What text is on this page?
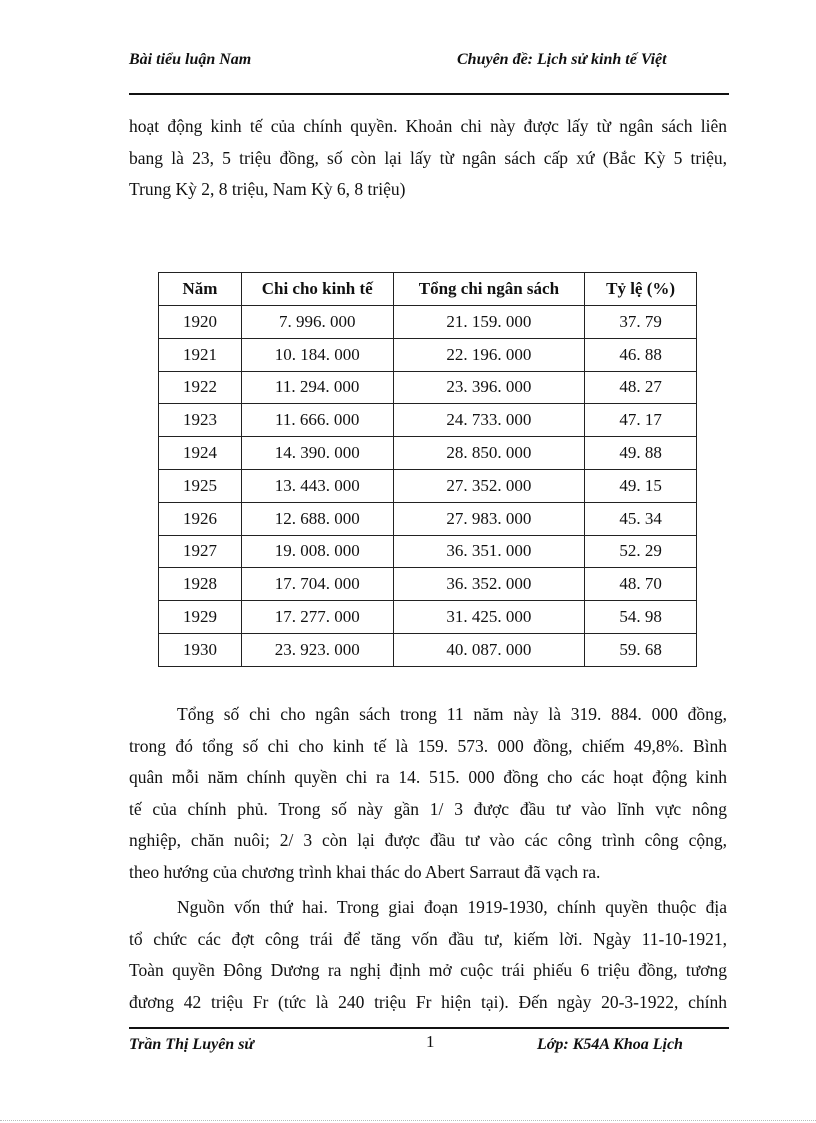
Bài tiểu luận Nam	Chuyên đề: Lịch sử kinh tế Việt

hoạt động kinh tế của chính quyền. Khoản chi này được lấy từ ngân sách liên
bang là 23, 5 triệu đồng, số còn lại lấy từ ngân sách cấp xứ (Bắc Kỳ 5 triệu,
Trung Kỳ 2, 8 triệu, Nam Kỳ 6, 8 triệu)

Năm	Chi cho kinh tế	Tổng chi ngân sách	Tỷ lệ (%)
1920	7. 996. 000	21. 159. 000	37. 79
1921	10. 184. 000	22. 196. 000	46. 88
1922	11. 294. 000	23. 396. 000	48. 27
1923	11. 666. 000	24. 733. 000	47. 17
1924	14. 390. 000	28. 850. 000	49. 88
1925	13. 443. 000	27. 352. 000	49. 15
1926	12. 688. 000	27. 983. 000	45. 34
1927	19. 008. 000	36. 351. 000	52. 29
1928	17. 704. 000	36. 352. 000	48. 70
1929	17. 277. 000	31. 425. 000	54. 98
1930	23. 923. 000	40. 087. 000	59. 68

Tổng số chi cho ngân sách trong 11 năm này là 319. 884. 000 đồng,
trong đó tổng số chi cho kinh tế là 159. 573. 000 đồng, chiếm 49,8%. Bình
quân mỗi năm chính quyền chi ra 14. 515. 000 đồng cho các hoạt động kinh
tế của chính phủ. Trong số này gần 1/ 3 được đầu tư vào lĩnh vực nông
nghiệp, chăn nuôi; 2/ 3 còn lại được đầu tư vào các công trình công cộng,
theo hướng của chương trình khai thác do Abert Sarraut đã vạch ra.

Nguồn vốn thứ hai. Trong giai đoạn 1919-1930, chính quyền thuộc địa
tổ chức các đợt công trái để tăng vốn đầu tư, kiếm lời. Ngày 11-10-1921,
Toàn quyền Đông Dương ra nghị định mở cuộc trái phiếu 6 triệu đồng, tương
đương 42 triệu Fr (tức là 240 triệu Fr hiện tại). Đến ngày 20-3-1922, chính

Trần Thị Luyên sử	1	Lớp: K54A Khoa Lịch
